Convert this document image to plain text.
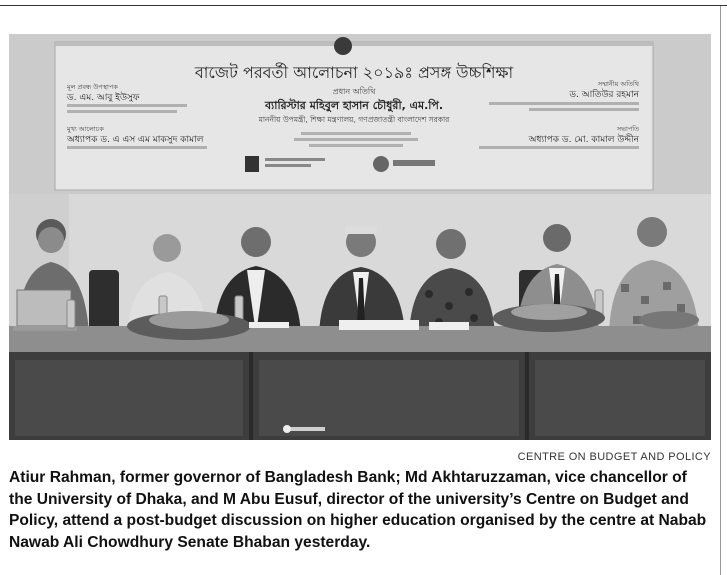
বাজেট পরবর্তী আলোচনা ২০১৯ঃ প্রসঙ্গ উচ্চশিক্ষা
প্রধান অতিথি
ব্যারিস্টার মহিবুল হাসান চৌধুরী, এম.পি.
মাননীয় উপমন্ত্রী, শিক্ষা মন্ত্রণালয়, গণপ্রজাতন্ত্রী বাংলাদেশ সরকার
মূল প্রবন্ধ উপস্থাপক
ড. এম. আবু ইউসুফ
মুখ্য আলোচক
অধ্যাপক ড. এ এস এম মাকসুদ কামাল
সম্মানীয় অতিথি
ড. আতিউর রহমান
সভাপতি
অধ্যাপক ড. মো. কামাল উদ্দীন
CENTRE ON BUDGET AND POLICY
Atiur Rahman, former governor of Bangladesh Bank; Md Akhtaruzzaman, vice chancellor of the University of Dhaka, and M Abu Eusuf, director of the university’s Centre on Budget and Policy, attend a post-budget discussion on higher education organised by the centre at Nabab Nawab Ali Chowdhury Senate Bhaban yesterday.
